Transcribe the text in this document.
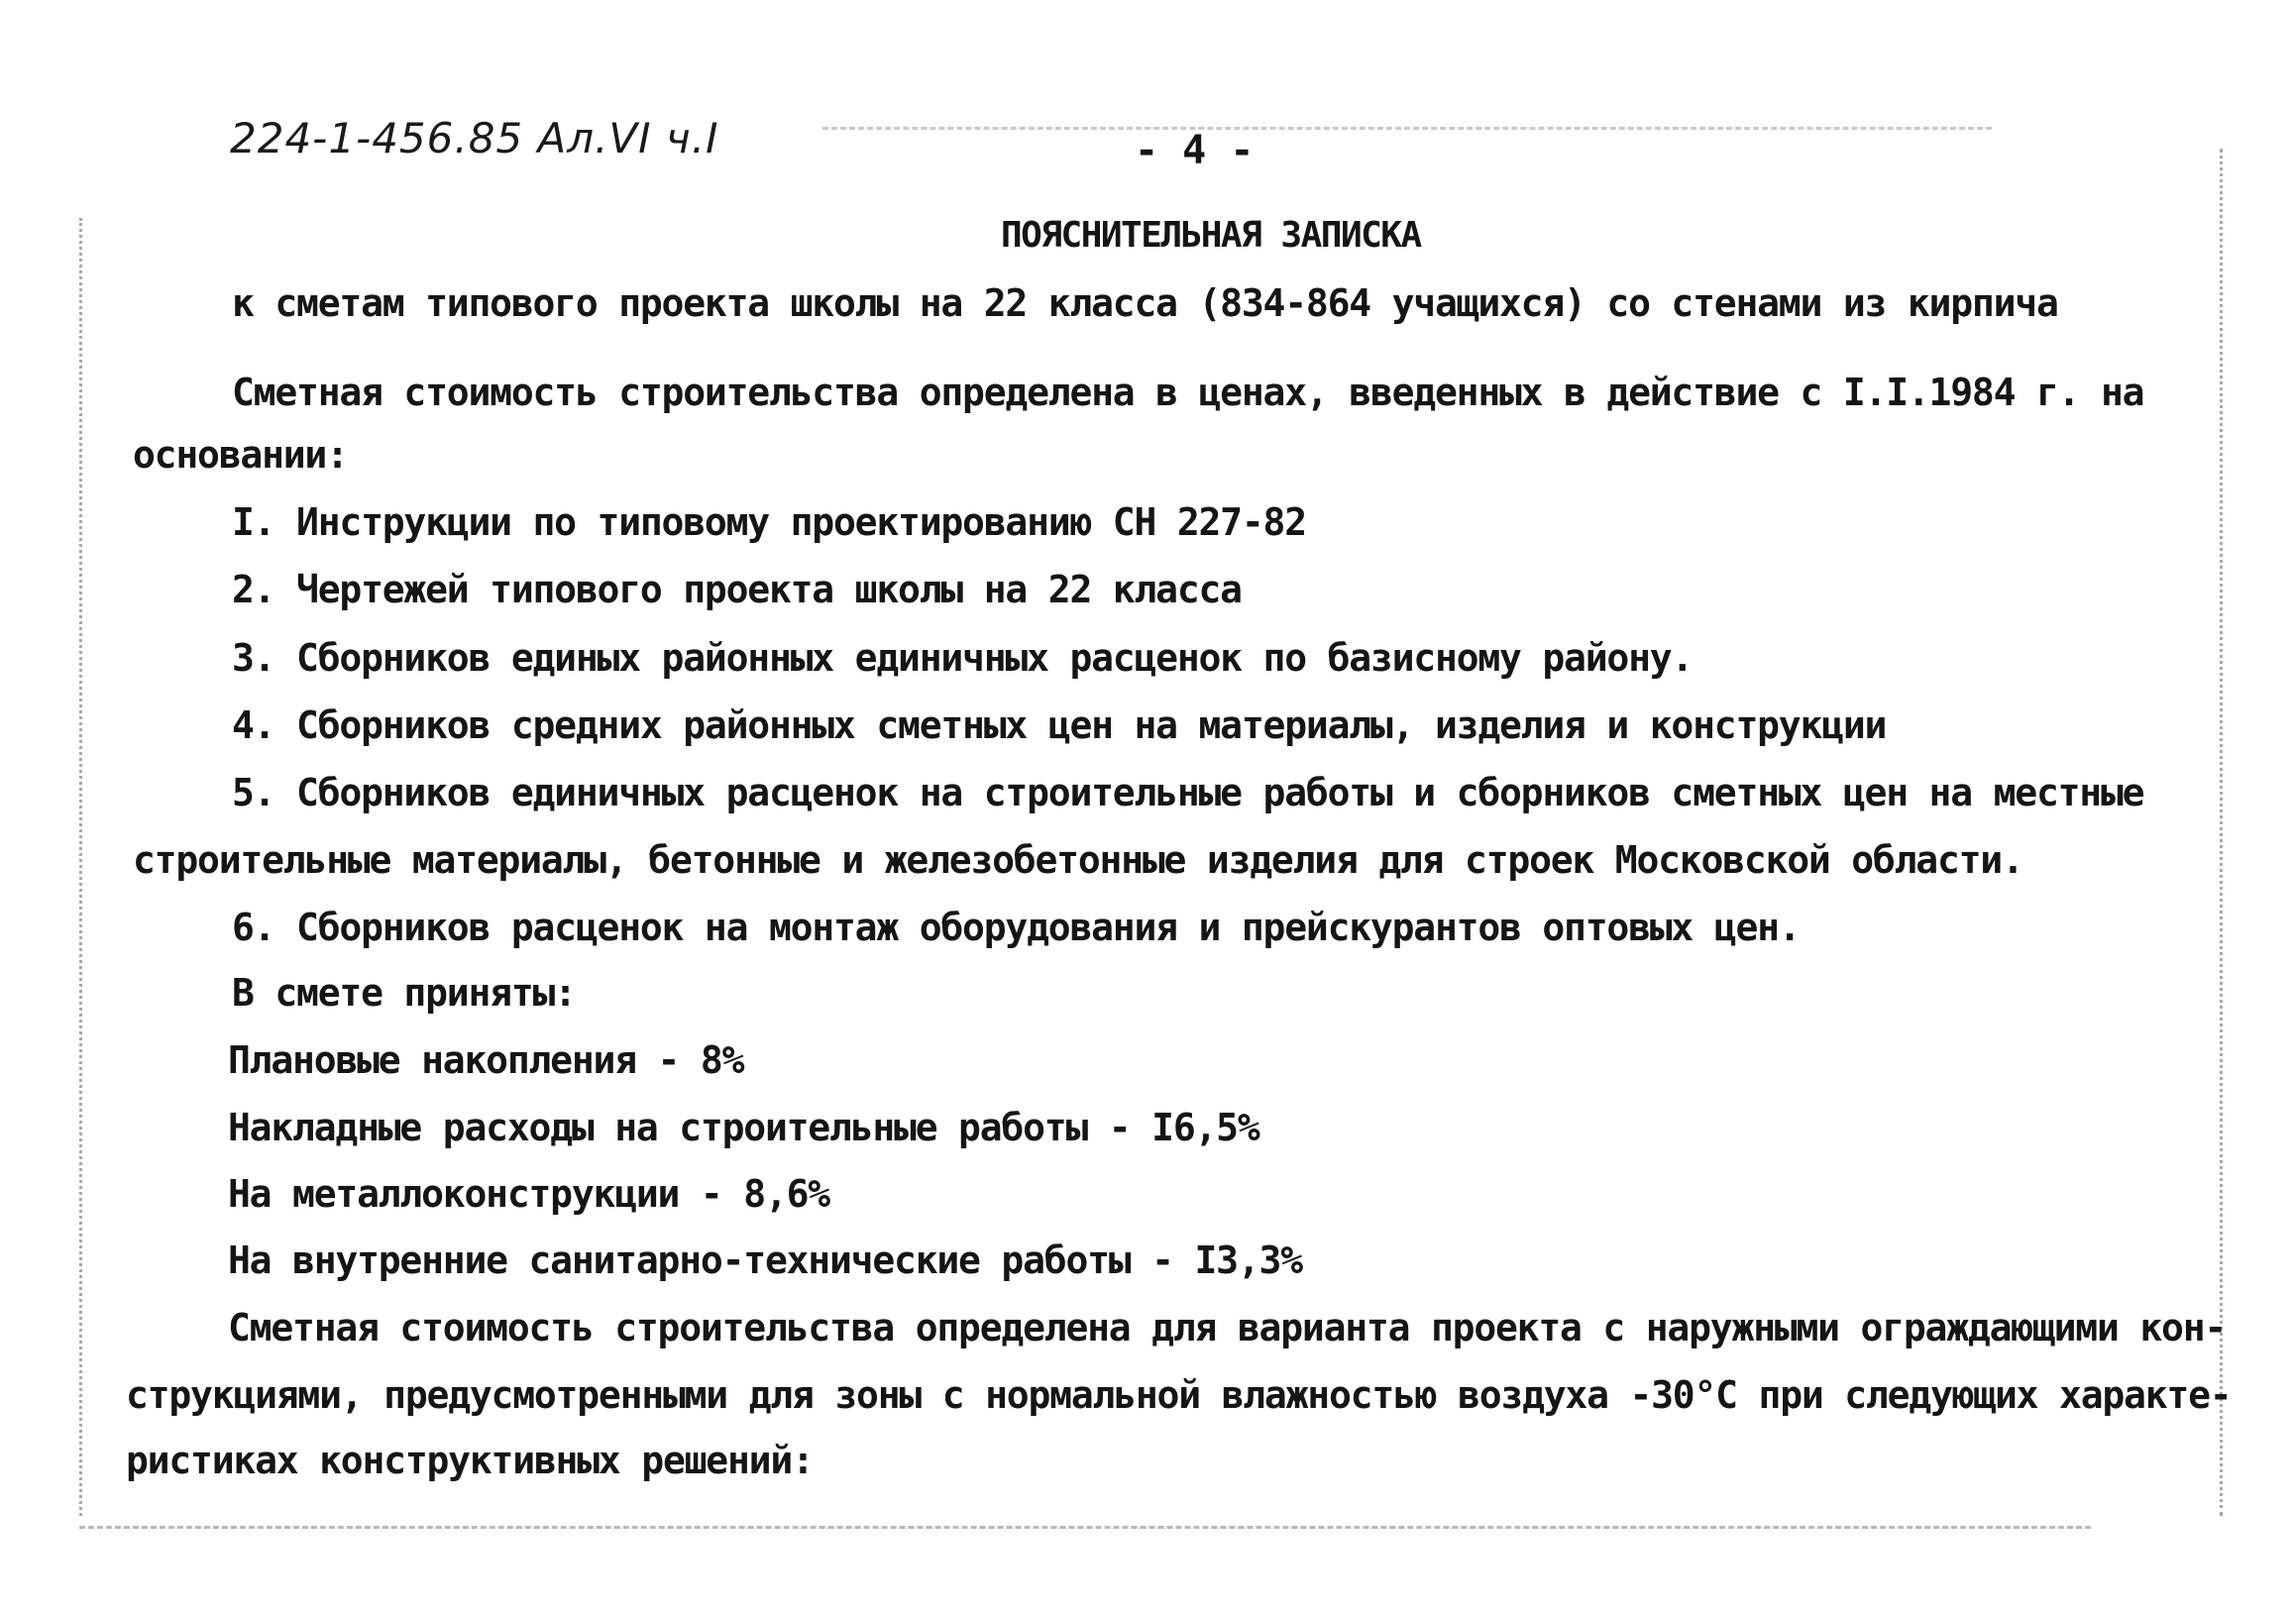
224-1-456.85 Ал.VI ч.I	- 4 -
ПОЯСНИТЕЛЬНАЯ ЗАПИСКА
к сметам типового проекта школы на 22 класса (834-864 учащихся) со стенами из кирпича
Сметная стоимость строительства определена в ценах, введенных в действие с I.I.1984 г. на
основании:
I. Инструкции по типовому проектированию СН 227-82
2. Чертежей типового проекта школы на 22 класса
3. Сборников единых районных единичных расценок по базисному району.
4. Сборников средних районных сметных цен на материалы, изделия и конструкции
5. Сборников единичных расценок на строительные работы и сборников сметных цен на местные
строительные материалы, бетонные и железобетонные изделия для строек Московской области.
6. Сборников расценок на монтаж оборудования и прейскурантов оптовых цен.
В смете приняты:
Плановые накопления - 8%
Накладные расходы на строительные работы - I6,5%
На металлоконструкции - 8,6%
На внутренние санитарно-технические работы - I3,3%
Сметная стоимость строительства определена для варианта проекта с наружными ограждающими кон-
струкциями, предусмотренными для зоны с нормальной влажностью воздуха -30°С при следующих характе-
ристиках конструктивных решений:
